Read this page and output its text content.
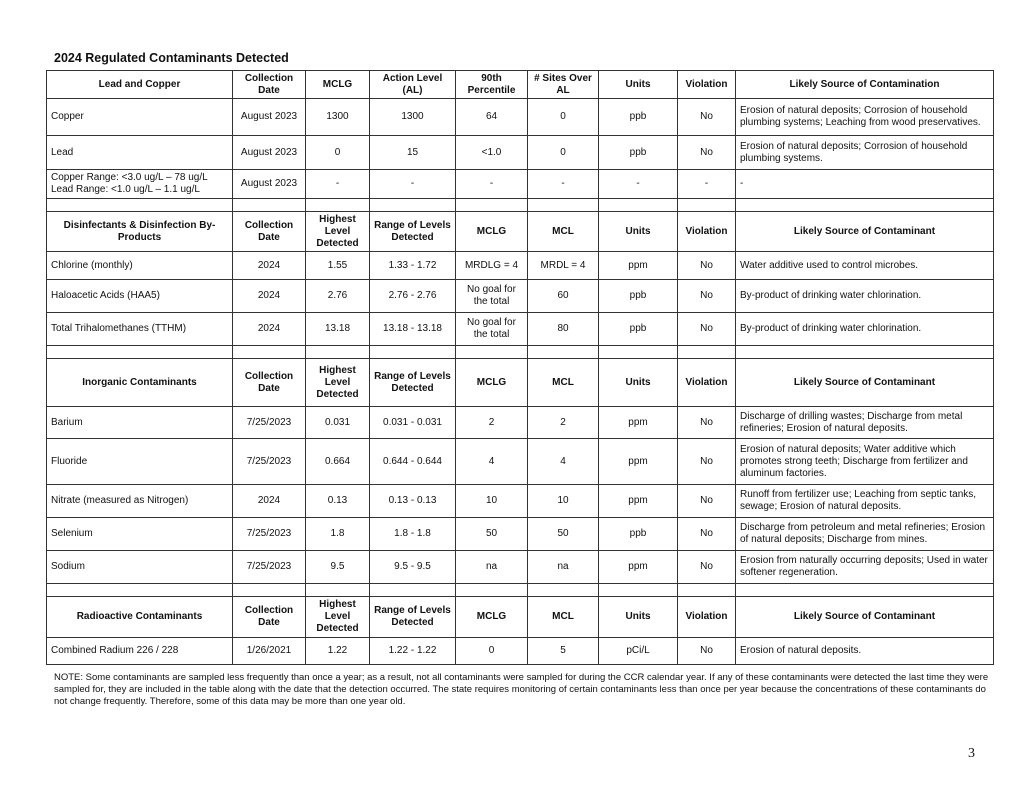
2024 Regulated Contaminants Detected
Lead and Copper	Collection Date	MCLG	Action Level (AL)	90th Percentile	# Sites Over AL	Units	Violation	Likely Source of Contamination
Copper	August 2023	1300	1300	64	0	ppb	No	Erosion of natural deposits; Corrosion of household plumbing systems; Leaching from wood preservatives.
Lead	August 2023	0	15	<1.0	0	ppb	No	Erosion of natural deposits; Corrosion of household plumbing systems.

Copper Range: <3.0 ug/L – 78 ug/L
Lead Range: <1.0 ug/L – 1.1 ug/L	August 2023	-	-	-	-	-	-	-

Disinfectants & Disinfection By-Products	Collection Date	Highest Level Detected	Range of Levels Detected	MCLG	MCL	Units	Violation	Likely Source of Contaminant
Chlorine (monthly)	2024	1.55	1.33 - 1.72	MRDLG = 4	MRDL = 4	ppm	No	Water additive used to control microbes.
Haloacetic Acids (HAA5)	2024	2.76	2.76 - 2.76	No goal for the total	60	ppb	No	By-product of drinking water chlorination.
Total Trihalomethanes (TTHM)	2024	13.18	13.18 - 13.18	No goal for the total	80	ppb	No	By-product of drinking water chlorination.

Inorganic Contaminants	Collection Date	Highest Level Detected	Range of Levels Detected	MCLG	MCL	Units	Violation	Likely Source of Contaminant
Barium	7/25/2023	0.031	0.031 - 0.031	2	2	ppm	No	Discharge of drilling wastes; Discharge from metal refineries; Erosion of natural deposits.
Fluoride	7/25/2023	0.664	0.644 - 0.644	4	4	ppm	No	Erosion of natural deposits; Water additive which promotes strong teeth; Discharge from fertilizer and aluminum factories.
Nitrate (measured as Nitrogen)	2024	0.13	0.13 - 0.13	10	10	ppm	No	Runoff from fertilizer use; Leaching from septic tanks, sewage; Erosion of natural deposits.
Selenium	7/25/2023	1.8	1.8 - 1.8	50	50	ppb	No	Discharge from petroleum and metal refineries; Erosion of natural deposits; Discharge from mines.
Sodium	7/25/2023	9.5	9.5 - 9.5	na	na	ppm	No	Erosion from naturally occurring deposits; Used in water softener regeneration.

Radioactive Contaminants	Collection Date	Highest Level Detected	Range of Levels Detected	MCLG	MCL	Units	Violation	Likely Source of Contaminant
Combined Radium 226 / 228	1/26/2021	1.22	1.22 - 1.22	0	5	pCi/L	No	Erosion of natural deposits.
NOTE: Some contaminants are sampled less frequently than once a year; as a result, not all contaminants were sampled for during the CCR calendar year. If any of these contaminants were detected the last time they were sampled for, they are included in the table along with the date that the detection occurred. The state requires monitoring of certain contaminants less than once per year because the concentrations of these contaminants do not change frequently. Therefore, some of this data may be more than one year old.
3
